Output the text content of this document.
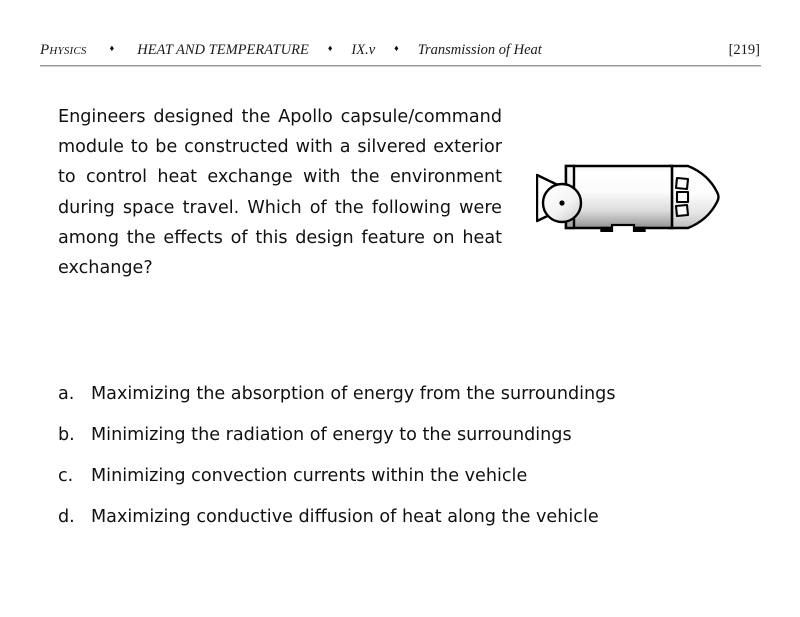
Physics	♦ HEAT AND TEMPERATURE ♦ IX.v ♦ Transmission of Heat	[219]
Engineers designed the Apollo capsule/command module to be constructed with a silvered exterior to control heat exchange with the environment during space travel. Which of the following were among the effects of this design feature on heat exchange?
a. Maximizing the absorption of energy from the surroundings
b. Minimizing the radiation of energy to the surroundings
c.	Minimizing convection currents within the vehicle
d. Maximizing conductive diffusion of heat along the vehicle
